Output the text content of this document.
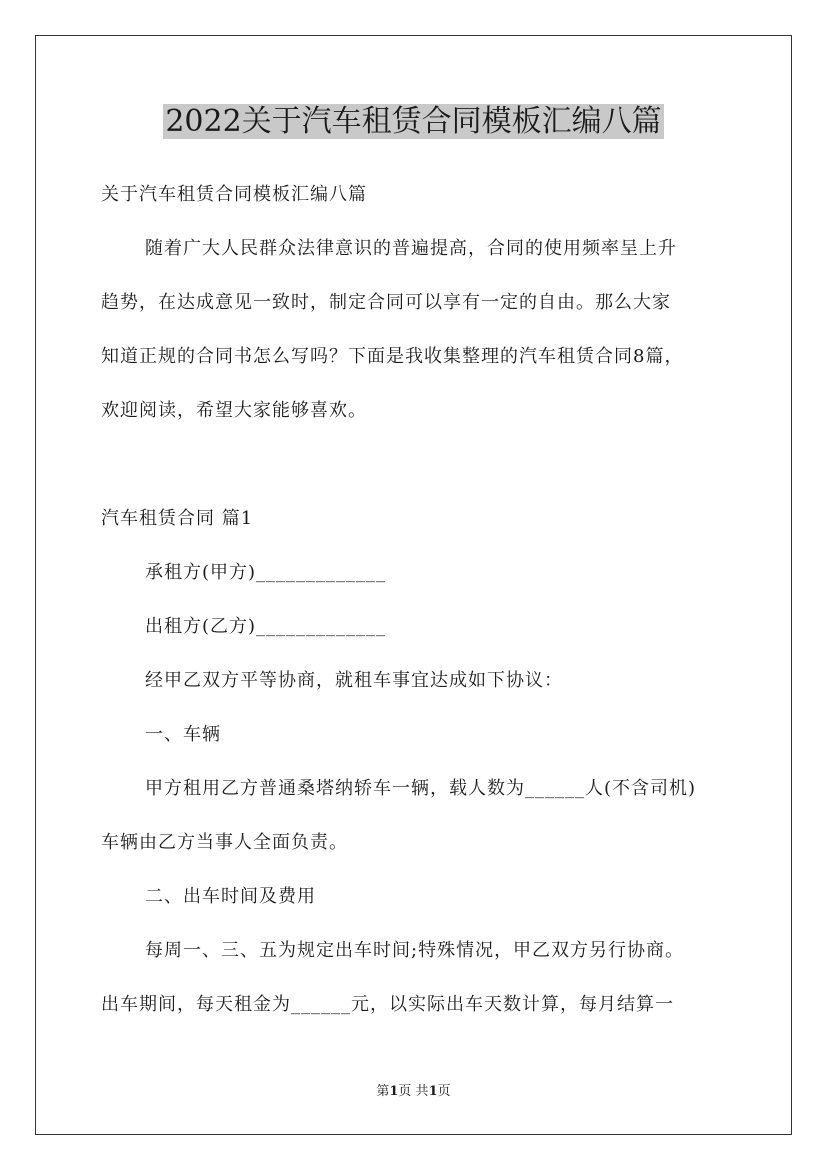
2022关于汽车租赁合同模板汇编八篇

关于汽车租赁合同模板汇编八篇

随着广大人民群众法律意识的普遍提高，合同的使用频率呈上升

趋势，在达成意见一致时，制定合同可以享有一定的自由。那么大家

知道正规的合同书怎么写吗？下面是我收集整理的汽车租赁合同8篇，

欢迎阅读，希望大家能够喜欢。

汽车租赁合同 篇1

承租方(甲方)_____________

出租方(乙方)_____________

经甲乙双方平等协商，就租车事宜达成如下协议：

一、车辆

甲方租用乙方普通桑塔纳轿车一辆，载人数为______人(不含司机)

车辆由乙方当事人全面负责。

二、出车时间及费用

每周一、三、五为规定出车时间;特殊情况，甲乙双方另行协商。

出车期间，每天租金为______元，以实际出车天数计算，每月结算一

第1页 共1页
